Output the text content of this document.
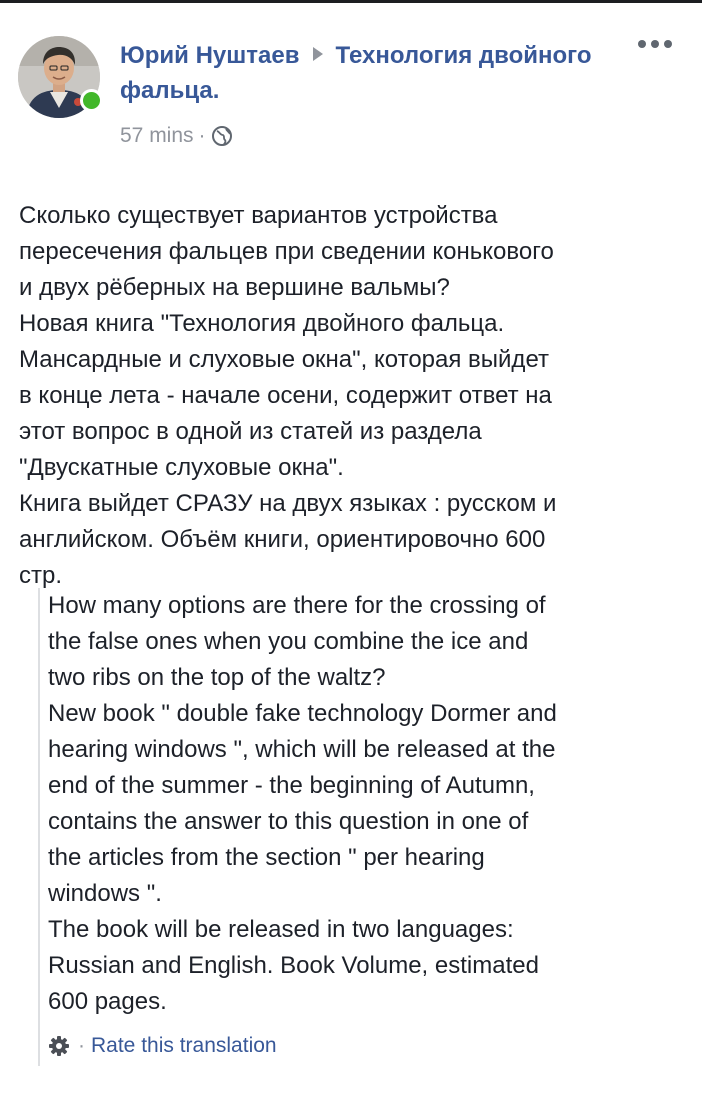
Юрий Нуштаев Технология двойного фальца.
57 mins ·

Сколько существует вариантов устройства
пересечения фальцев при сведении конькового
и двух рёберных на вершине вальмы?
Новая книга "Технология двойного фальца.
Мансардные и слуховые окна", которая выйдет
в конце лета - начале осени, содержит ответ на
этот вопрос в одной из статей из раздела
"Двускатные слуховые окна".
Книга выйдет СРАЗУ на двух языках : русском и
английском. Объём книги, ориентировочно 600
стр.

How many options are there for the crossing of
the false ones when you combine the ice and
two ribs on the top of the waltz?
New book " double fake technology Dormer and
hearing windows ", which will be released at the
end of the summer - the beginning of Autumn,
contains the answer to this question in one of
the articles from the section " per hearing
windows ".
The book will be released in two languages:
Russian and English. Book Volume, estimated
600 pages.

· Rate this translation
